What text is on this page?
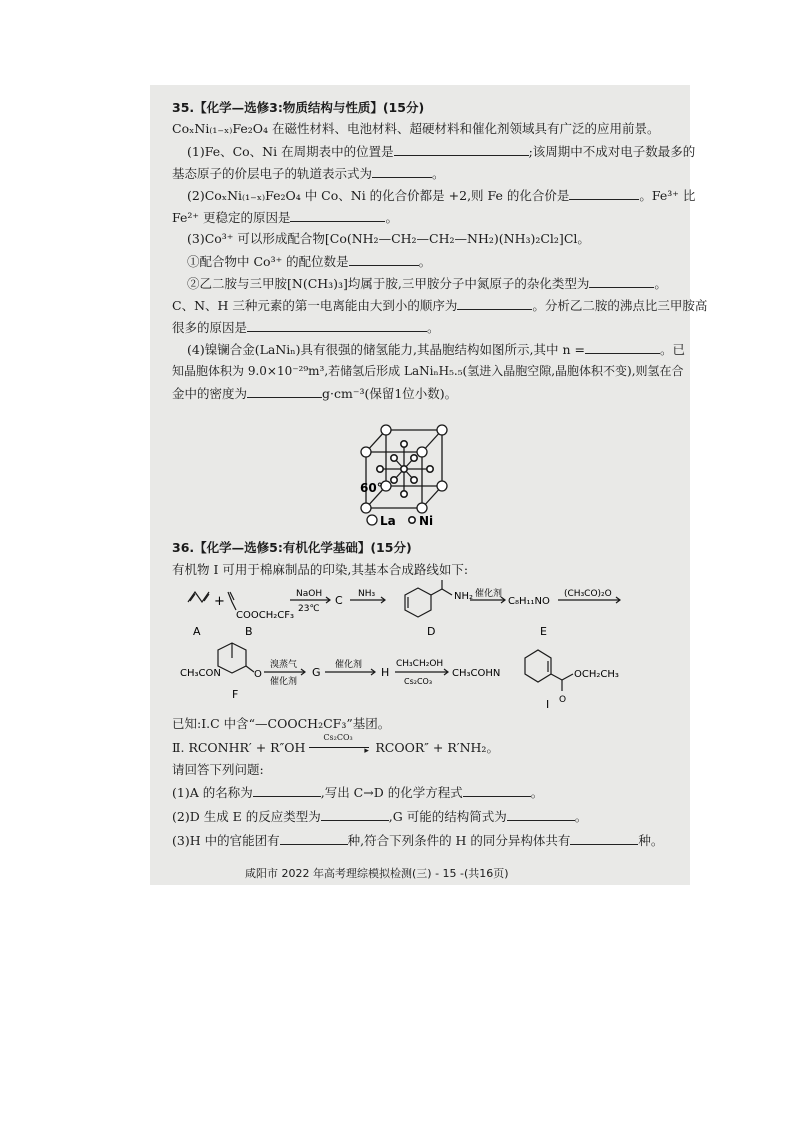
35.【化学—选修3:物质结构与性质】(15分)
CoₓNi₍₁₋ₓ₎Fe₂O₄ 在磁性材料、电池材料、超硬材料和催化剂领域具有广泛的应用前景。
(1)Fe、Co、Ni 在周期表中的位置是	;该周期中不成对电子数最多的
基态原子的价层电子的轨道表示式为	。
(2)CoₓNi₍₁₋ₓ₎Fe₂O₄ 中 Co、Ni 的化合价都是 +2,则 Fe 的化合价是	。Fe³⁺ 比
Fe²⁺ 更稳定的原因是	。
(3)Co³⁺ 可以形成配合物[Co(NH₂—CH₂—CH₂—NH₂)(NH₃)₂Cl₂]Cl。
①配合物中 Co³⁺ 的配位数是	。
②乙二胺与三甲胺[N(CH₃)₃]均属于胺,三甲胺分子中氮原子的杂化类型为	。
C、N、H 三种元素的第一电离能由大到小的顺序为	。分析乙二胺的沸点比三甲胺高
很多的原因是	。
(4)镍镧合金(LaNiₙ)具有很强的储氢能力,其晶胞结构如图所示,其中 n =	。已
知晶胞体积为 9.0×10⁻²⁹m³,若储氢后形成 LaNiₙH₅.₅(氢进入晶胞空隙,晶胞体积不变),则氢在合
金中的密度为	g·cm⁻³(保留1位小数)。
60°
La Ni
36.【化学—选修5:有机化学基础】(15分)
有机物 I 可用于棉麻制品的印染,其基本合成路线如下:
A
+
COOCH₂CF₃
B
NaOH
23℃
C NH₃	NH₂
D
催化剂
C₈H₁₁NO
(CH₃CO)₂O
E
CH₃CON	O
F
溴蒸气
催化剂
G
催化剂
H
CH₃CH₂OH
Cs₂CO₃
CH₃COHN	OCH₂CH₃
O
I
已知:Ⅰ.C 中含“—COOCH₂CF₃”基团。
Ⅱ. RCONHR′ + R″OH
Cs₂CO₃
▸ RCOOR″ + R′NH₂。
请回答下列问题:
(1)A 的名称为	,写出 C→D 的化学方程式	。
(2)D 生成 E 的反应类型为	,G 可能的结构简式为	。
(3)H 中的官能团有	种,符合下列条件的 H 的同分异构体共有	种。
咸阳市 2022 年高考理综模拟检测(三) - 15 -(共16页)
